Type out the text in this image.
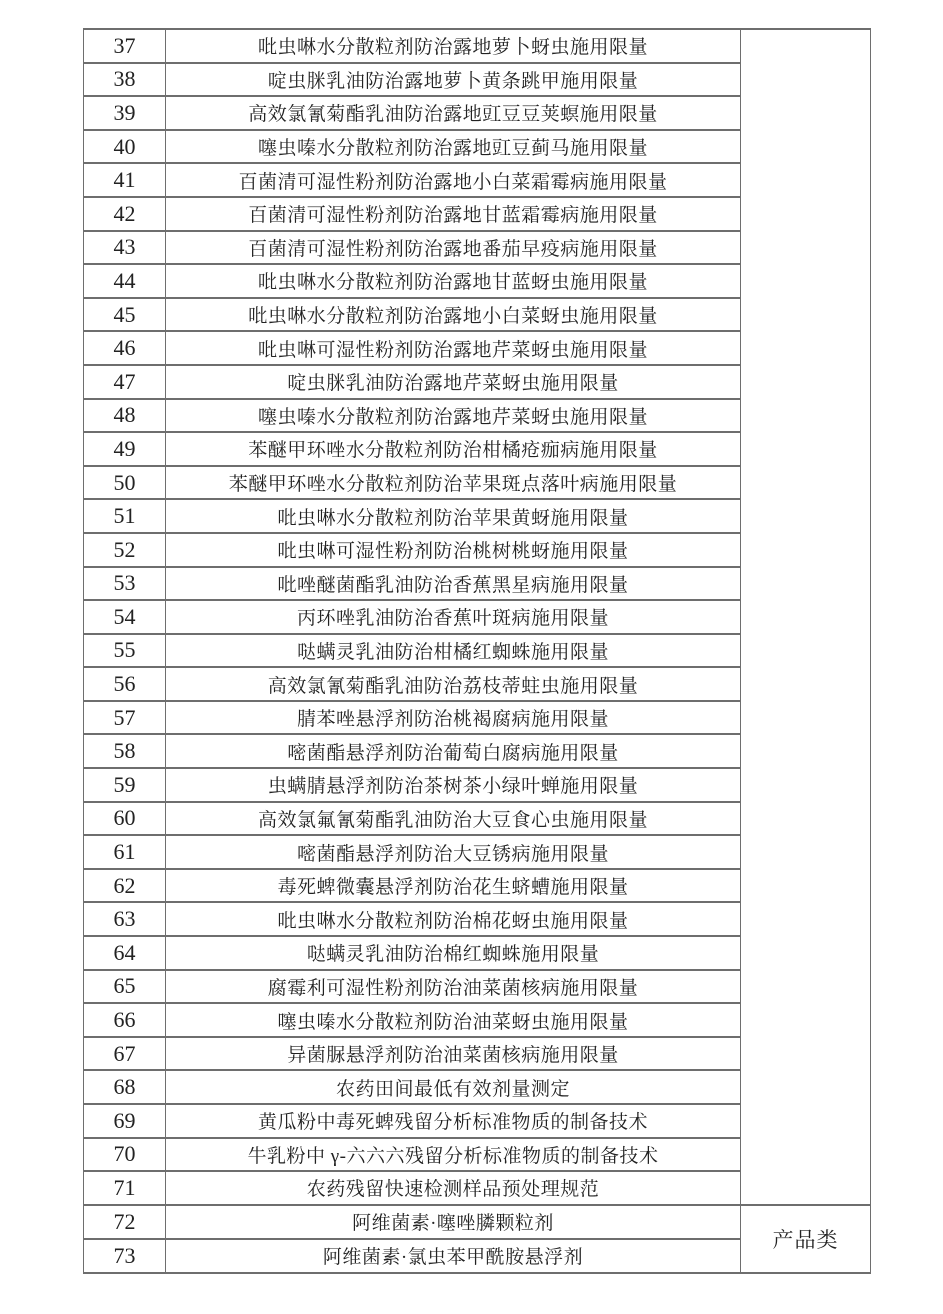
37	吡虫啉水分散粒剂防治露地萝卜蚜虫施用限量	
38	啶虫脒乳油防治露地萝卜黄条跳甲施用限量	
39	高效氯氰菊酯乳油防治露地豇豆豆荚螟施用限量	
40	噻虫嗪水分散粒剂防治露地豇豆蓟马施用限量	
41	百菌清可湿性粉剂防治露地小白菜霜霉病施用限量	
42	百菌清可湿性粉剂防治露地甘蓝霜霉病施用限量	
43	百菌清可湿性粉剂防治露地番茄早疫病施用限量	
44	吡虫啉水分散粒剂防治露地甘蓝蚜虫施用限量	
45	吡虫啉水分散粒剂防治露地小白菜蚜虫施用限量	
46	吡虫啉可湿性粉剂防治露地芹菜蚜虫施用限量	
47	啶虫脒乳油防治露地芹菜蚜虫施用限量	
48	噻虫嗪水分散粒剂防治露地芹菜蚜虫施用限量	
49	苯醚甲环唑水分散粒剂防治柑橘疮痂病施用限量	
50	苯醚甲环唑水分散粒剂防治苹果斑点落叶病施用限量	
51	吡虫啉水分散粒剂防治苹果黄蚜施用限量	
52	吡虫啉可湿性粉剂防治桃树桃蚜施用限量	
53	吡唑醚菌酯乳油防治香蕉黑星病施用限量	
54	丙环唑乳油防治香蕉叶斑病施用限量	
55	哒螨灵乳油防治柑橘红蜘蛛施用限量	
56	高效氯氰菊酯乳油防治荔枝蒂蛀虫施用限量	
57	腈苯唑悬浮剂防治桃褐腐病施用限量	
58	嘧菌酯悬浮剂防治葡萄白腐病施用限量	
59	虫螨腈悬浮剂防治茶树茶小绿叶蝉施用限量	
60	高效氯氟氰菊酯乳油防治大豆食心虫施用限量	
61	嘧菌酯悬浮剂防治大豆锈病施用限量	
62	毒死蜱微囊悬浮剂防治花生蛴螬施用限量	
63	吡虫啉水分散粒剂防治棉花蚜虫施用限量	
64	哒螨灵乳油防治棉红蜘蛛施用限量	
65	腐霉利可湿性粉剂防治油菜菌核病施用限量	
66	噻虫嗪水分散粒剂防治油菜蚜虫施用限量	
67	异菌脲悬浮剂防治油菜菌核病施用限量	
68	农药田间最低有效剂量测定	
69	黄瓜粉中毒死蜱残留分析标准物质的制备技术	
70	牛乳粉中 γ-六六六残留分析标准物质的制备技术	
71	农药残留快速检测样品预处理规范	
72	阿维菌素·噻唑膦颗粒剂	产品类
73	阿维菌素·氯虫苯甲酰胺悬浮剂	
